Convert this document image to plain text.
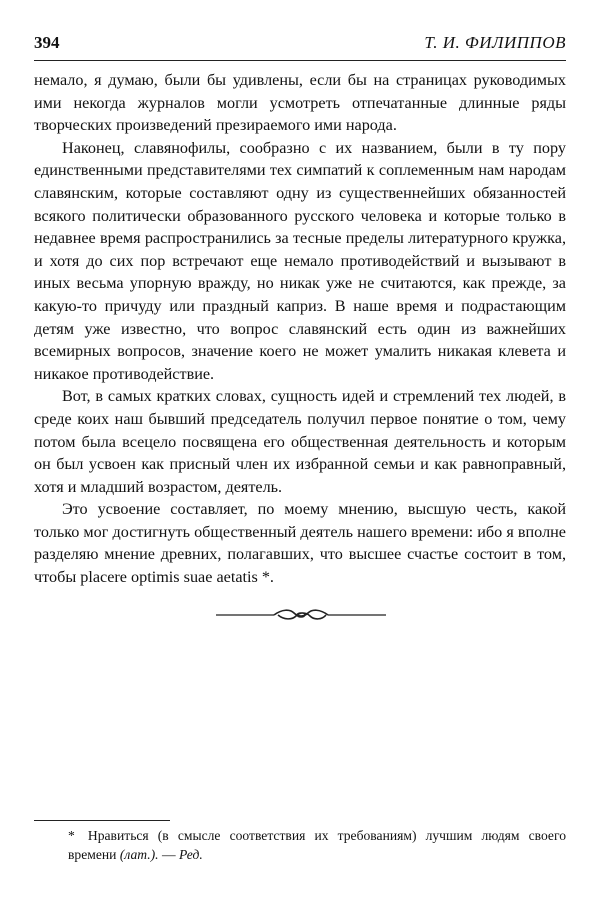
394	Т. И. ФИЛИППОВ

немало, я думаю, были бы удивлены, если бы на страницах руководимых ими некогда журналов могли усмотреть отпечатанные длинные ряды творческих произведений презираемого ими народа.

Наконец, славянофилы, сообразно с их названием, были в ту пору единственными представителями тех симпатий к соплеменным нам народам славянским, которые составляют одну из существеннейших обязанностей всякого политически образованного русского человека и которые только в недавнее время распространились за тесные пределы литературного кружка, и хотя до сих пор встречают еще немало противодействий и вызывают в иных весьма упорную вражду, но никак уже не считаются, как прежде, за какую-то причуду или праздный каприз. В наше время и подрастающим детям уже известно, что вопрос славянский есть один из важнейших всемирных вопросов, значение коего не может умалить никакая клевета и никакое противодействие.

Вот, в самых кратких словах, сущность идей и стремлений тех людей, в среде коих наш бывший председатель получил первое понятие о том, чему потом была всецело посвящена его общественная деятельность и которым он был усвоен как присный член их избранной семьи и как равноправный, хотя и младший возрастом, деятель.

Это усвоение составляет, по моему мнению, высшую честь, какой только мог достигнуть общественный деятель нашего времени: ибо я вполне разделяю мнение древних, полагавших, что высшее счастье состоит в том, чтобы placere optimis suae aetatis *.

* Нравиться (в смысле соответствия их требованиям) лучшим людям своего времени (лат.). — Ред.
